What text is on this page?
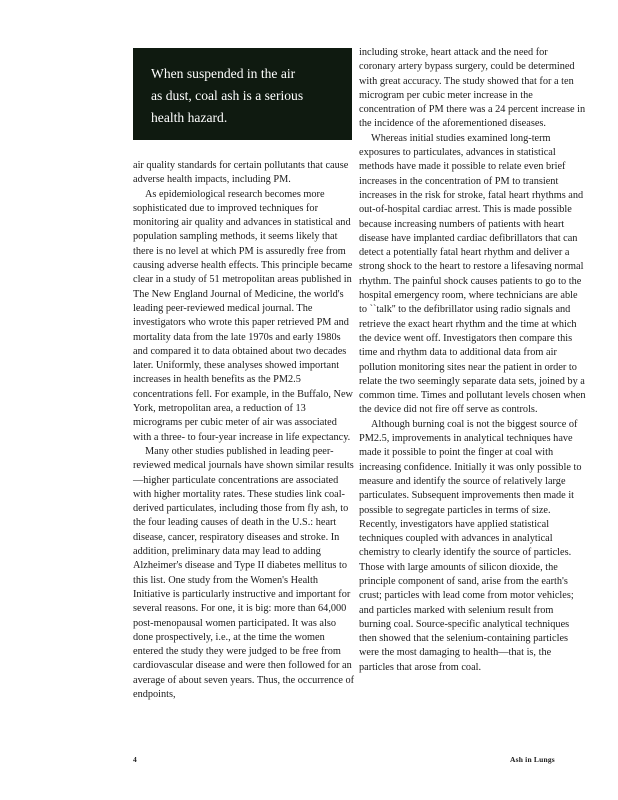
When suspended in the air

as dust, coal ash is a serious

health hazard.

air quality standards for certain pollutants that cause adverse health impacts, including PM.

As epidemiological research becomes more sophisticated due to improved techniques for monitoring air quality and advances in statistical and population sampling methods, it seems likely that there is no level at which PM is assuredly free from causing adverse health effects. This principle became clear in a study of 51 metropolitan areas published in The New England Journal of Medicine, the world's leading peer-reviewed medical journal. The investigators who wrote this paper retrieved PM and mortality data from the late 1970s and early 1980s and compared it to data obtained about two decades later. Uniformly, these analyses showed important increases in health benefits as the PM2.5 concentrations fell. For example, in the Buffalo, New York, metropolitan area, a reduction of 13 micrograms per cubic meter of air was associated with a three- to four-year increase in life expectancy.

Many other studies published in leading peer-reviewed medical journals have shown similar results—higher particulate concentrations are associated with higher mortality rates. These studies link coal-derived particulates, including those from fly ash, to the four leading causes of death in the U.S.: heart disease, cancer, respiratory diseases and stroke. In addition, preliminary data may lead to adding Alzheimer's disease and Type II diabetes mellitus to this list. One study from the Women's Health Initiative is particularly instructive and important for several reasons. For one, it is big: more than 64,000 post-menopausal women participated. It was also done prospectively, i.e., at the time the women entered the study they were judged to be free from cardiovascular disease and were then followed for an average of about seven years. Thus, the occurrence of endpoints,

including stroke, heart attack and the need for coronary artery bypass surgery, could be determined with great accuracy. The study showed that for a ten microgram per cubic meter increase in the concentration of PM there was a 24 percent increase in the incidence of the aforementioned diseases.

Whereas initial studies examined long-term exposures to particulates, advances in statistical methods have made it possible to relate even brief increases in the concentration of PM to transient increases in the risk for stroke, fatal heart rhythms and out-of-hospital cardiac arrest. This is made possible because increasing numbers of patients with heart disease have implanted cardiac defibrillators that can detect a potentially fatal heart rhythm and deliver a strong shock to the heart to restore a lifesaving normal rhythm. The painful shock causes patients to go to the hospital emergency room, where technicians are able to ``talk'' to the defibrillator using radio signals and retrieve the exact heart rhythm and the time at which the device went off. Investigators then compare this time and rhythm data to additional data from air pollution monitoring sites near the patient in order to relate the two seemingly separate data sets, joined by a common time. Times and pollutant levels chosen when the device did not fire off serve as controls.

Although burning coal is not the biggest source of PM2.5, improvements in analytical techniques have made it possible to point the finger at coal with increasing confidence. Initially it was only possible to measure and identify the source of relatively large particulates. Subsequent improvements then made it possible to segregate particles in terms of size. Recently, investigators have applied statistical techniques coupled with advances in analytical chemistry to clearly identify the source of particles. Those with large amounts of silicon dioxide, the principle component of sand, arise from the earth's crust; particles with lead come from motor vehicles; and particles marked with selenium result from burning coal. Source-specific analytical techniques then showed that the selenium-containing particles were the most damaging to health—that is, the particles that arose from coal.

4	Ash in Lungs
